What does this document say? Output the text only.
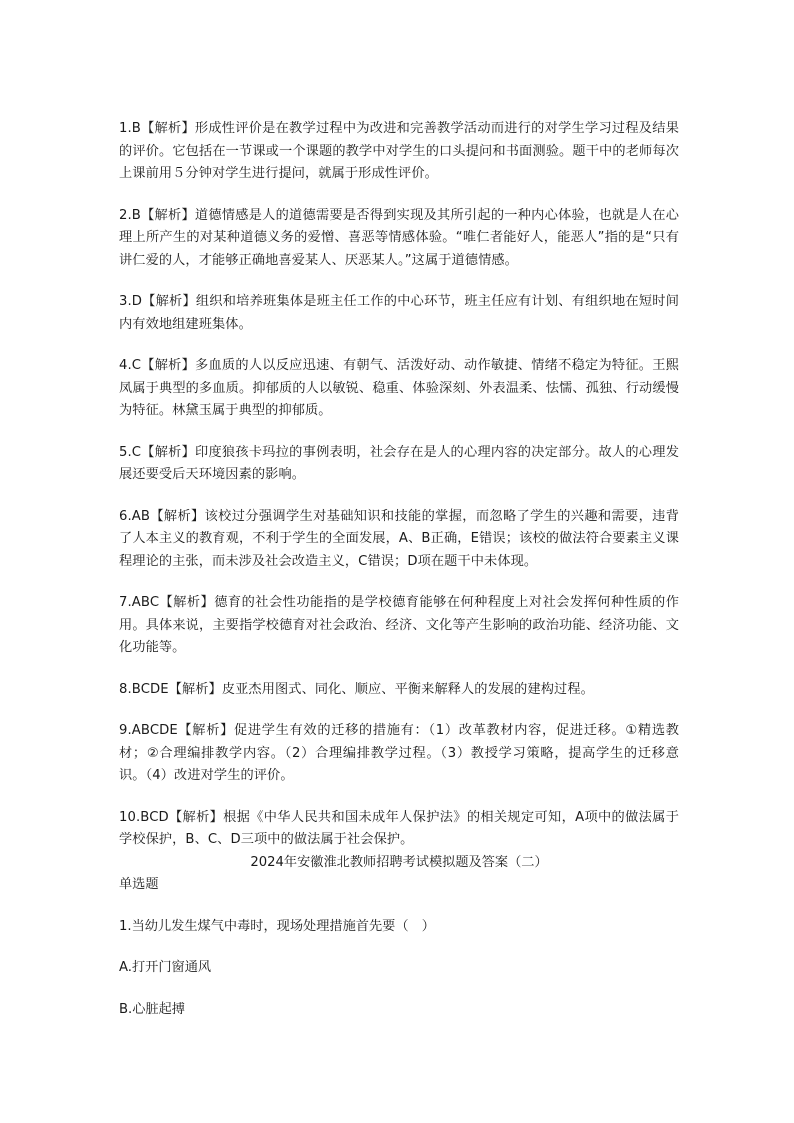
1.B【解析】形成性评价是在教学过程中为改进和完善教学活动而进行的对学生学习过程及结果的评价。它包括在一节课或一个课题的教学中对学生的口头提问和书面测验。题干中的老师每次上课前用５分钟对学生进行提问，就属于形成性评价。

2.B【解析】道德情感是人的道德需要是否得到实现及其所引起的一种内心体验，也就是人在心理上所产生的对某种道德义务的爱憎、喜恶等情感体验。“唯仁者能好人，能恶人”指的是“只有讲仁爱的人，才能够正确地喜爱某人、厌恶某人。”这属于道德情感。

3.D【解析】组织和培养班集体是班主任工作的中心环节，班主任应有计划、有组织地在短时间内有效地组建班集体。

4.C【解析】多血质的人以反应迅速、有朝气、活泼好动、动作敏捷、情绪不稳定为特征。王熙凤属于典型的多血质。抑郁质的人以敏锐、稳重、体验深刻、外表温柔、怯懦、孤独、行动缓慢为特征。林黛玉属于典型的抑郁质。

5.C【解析】印度狼孩卡玛拉的事例表明，社会存在是人的心理内容的决定部分。故人的心理发展还要受后天环境因素的影响。

6.AB【解析】该校过分强调学生对基础知识和技能的掌握，而忽略了学生的兴趣和需要，违背了人本主义的教育观，不利于学生的全面发展，A、B正确，E错误；该校的做法符合要素主义课程理论的主张，而未涉及社会改造主义，C错误；D项在题干中未体现。

7.ABC【解析】德育的社会性功能指的是学校德育能够在何种程度上对社会发挥何种性质的作用。具体来说，主要指学校德育对社会政治、经济、文化等产生影响的政治功能、经济功能、文化功能等。

8.BCDE【解析】皮亚杰用图式、同化、顺应、平衡来解释人的发展的建构过程。

9.ABCDE【解析】促进学生有效的迁移的措施有：（1）改革教材内容，促进迁移。①精选教材；②合理编排教学内容。（2）合理编排教学过程。（3）教授学习策略，提高学生的迁移意识。（4）改进对学生的评价。

10.BCD【解析】根据《中华人民共和国未成年人保护法》的相关规定可知，A项中的做法属于学校保护，B、C、D三项中的做法属于社会保护。

2024年安徽淮北教师招聘考试模拟题及答案（二）

单选题

1.当幼儿发生煤气中毒时，现场处理措施首先要（　）

A.打开门窗通风

B.心脏起搏
